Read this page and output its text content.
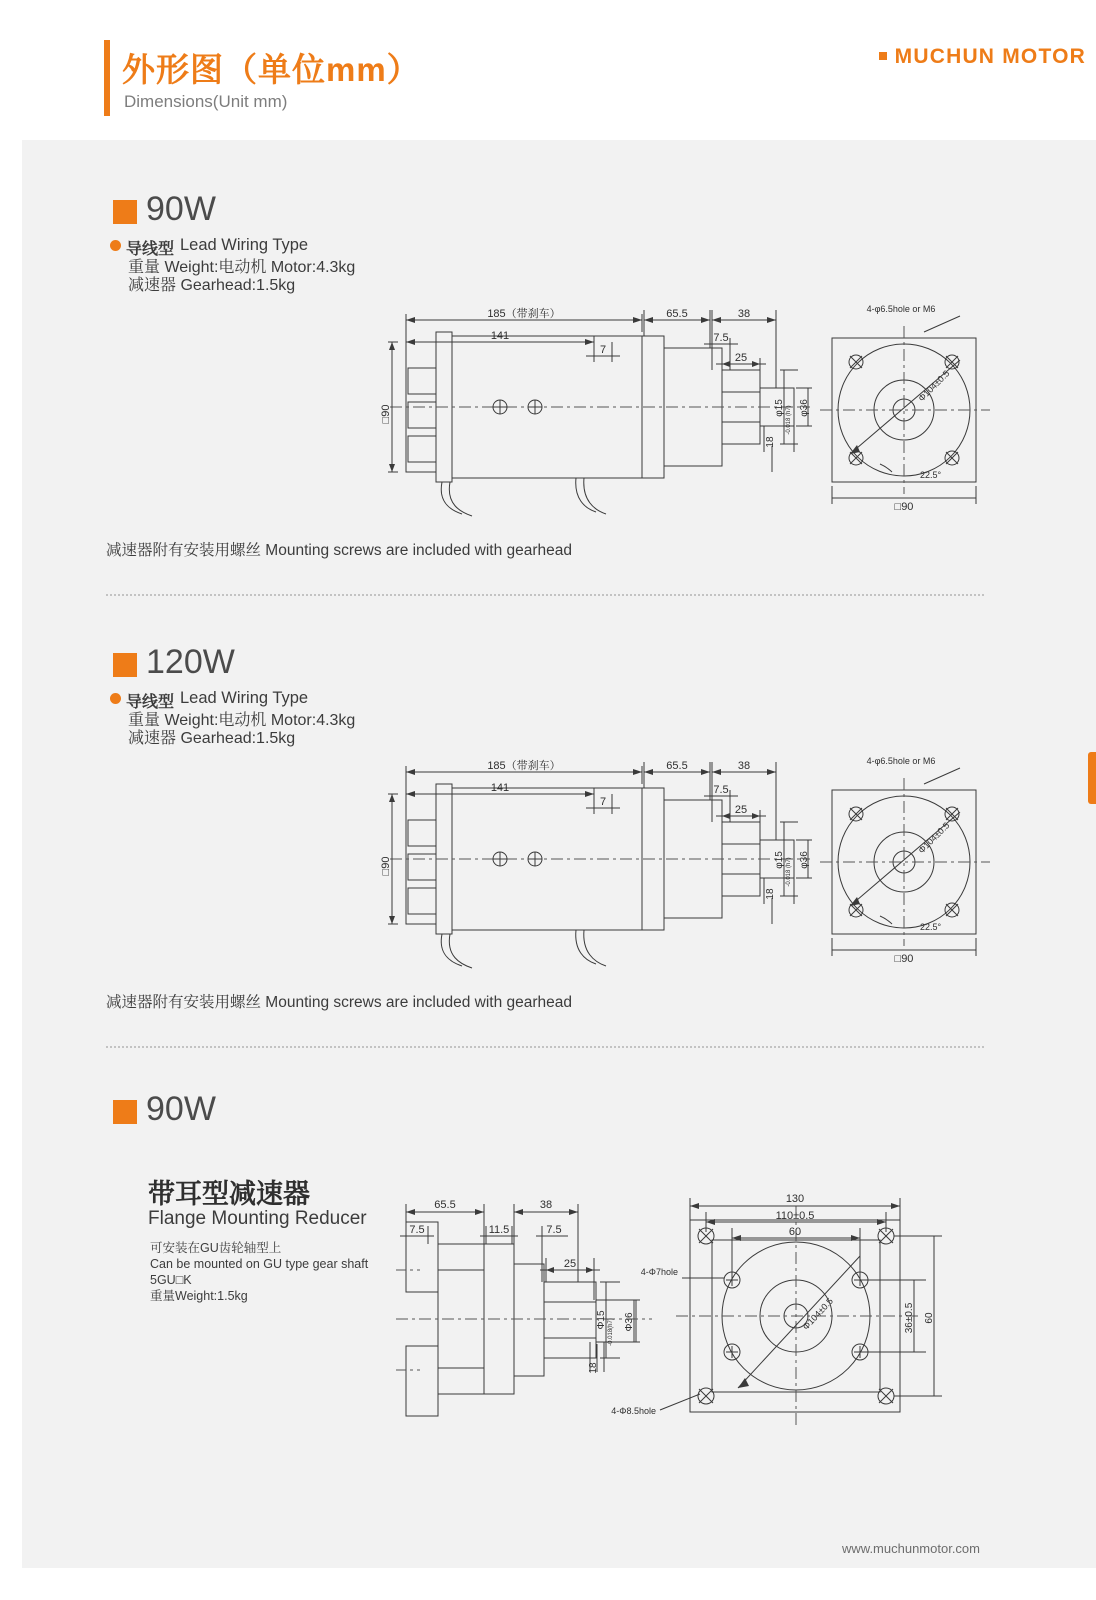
外形图（单位mm）
Dimensions(Unit mm)
MUCHUN MOTOR
90W
导线型 Lead Wiring Type
重量 Weight:电动机 Motor:4.3kg
减速器 Gearhead:1.5kg
185（带刹车）
141
7
65.5	38
7.5
25
4-φ6.5hole or M6
□90
22.5°
□90	φ15 -0.018 (h7) φ36
18
Φ104±0.5
减速器附有安装用螺丝 Mounting screws are included with gearhead
120W
导线型 Lead Wiring Type
重量 Weight:电动机 Motor:4.3kg
减速器 Gearhead:1.5kg
185（带刹车）
141
7
65.5	38
7.5
25
4-φ6.5hole or M6
□90
22.5°
□90	φ15 -0.018 (h7) φ36
18
Φ104±0.5
减速器附有安装用螺丝 Mounting screws are included with gearhead
90W
带耳型减速器
Flange Mounting Reducer
可安装在GU齿轮轴型上
Can be mounted on GU type gear shaft
5GU□K
重量Weight:1.5kg
65.5	38
7.5	11.5	7.5
25
130
110±0.5
60
4-Φ7hole
4-Φ8.5hole
Φ15 -0.018(h7) Φ36
18
36±0.5 60
Φ104±0.5
www.muchunmotor.com
